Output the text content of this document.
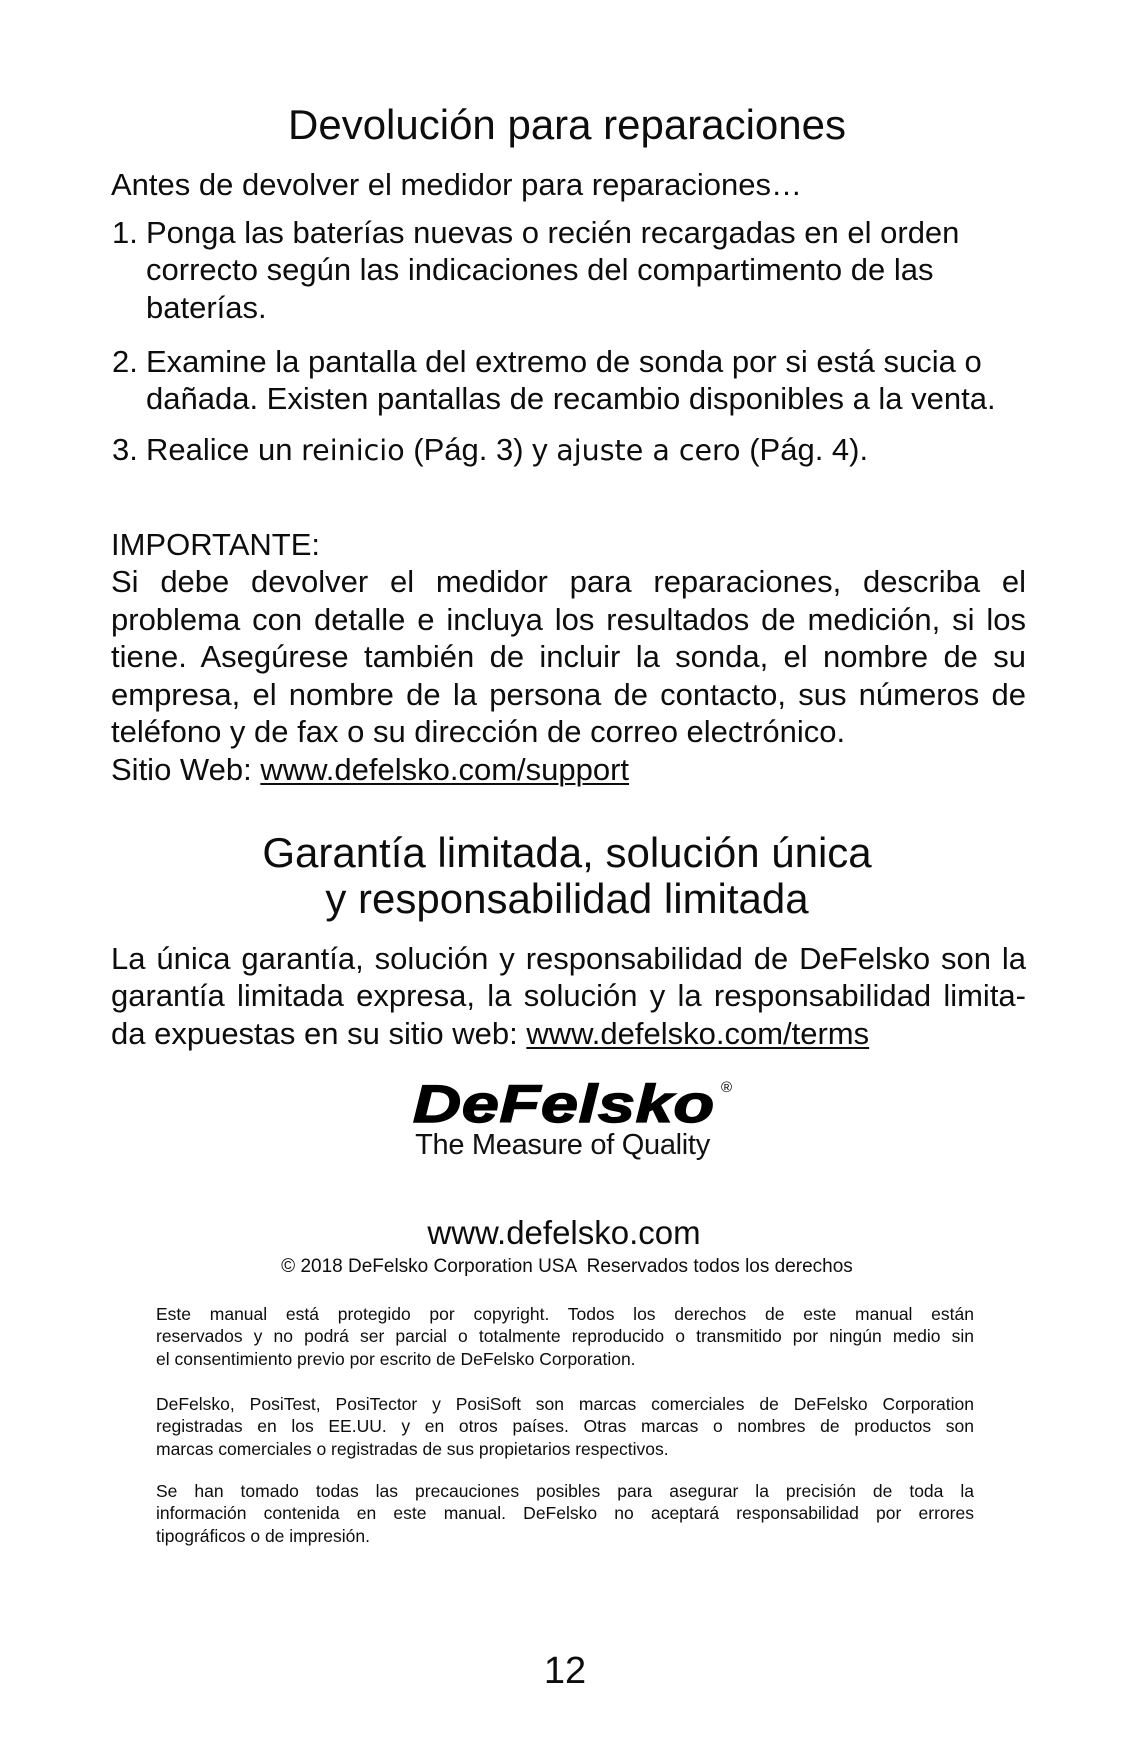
Devolución para reparaciones
Antes de devolver el medidor para reparaciones…
1. Ponga las baterías nuevas o recién recargadas en el orden
correcto según las indicaciones del compartimento de las
baterías.
2. Examine la pantalla del extremo de sonda por si está sucia o
dañada. Existen pantallas de recambio disponibles a la venta.
3. Realice un reinicio (Pág. 3) y ajuste a cero (Pág. 4).
IMPORTANTE:
Si debe devolver el medidor para reparaciones, describa el
problema con detalle e incluya los resultados de medición, si los
tiene. Asegúrese también de incluir la sonda, el nombre de su
empresa, el nombre de la persona de contacto, sus números de
teléfono y de fax o su dirección de correo electrónico.
Sitio Web: www.defelsko.com/support
Garantía limitada, solución única
y responsabilidad limitada
La única garantía, solución y responsabilidad de DeFelsko son la
garantía limitada expresa, la solución y la responsabilidad limita-
da expuestas en su sitio web: www.defelsko.com/terms
DeFelsko ®
The Measure of Quality
www.defelsko.com
© 2018 DeFelsko Corporation USA  Reservados todos los derechos
Este manual está protegido por copyright. Todos los derechos de este manual están
reservados y no podrá ser parcial o totalmente reproducido o transmitido por ningún medio sin
el consentimiento previo por escrito de DeFelsko Corporation.
DeFelsko, PosiTest, PosiTector y PosiSoft son marcas comerciales de DeFelsko Corporation
registradas en los EE.UU. y en otros países. Otras marcas o nombres de productos son
marcas comerciales o registradas de sus propietarios respectivos.
Se han tomado todas las precauciones posibles para asegurar la precisión de toda la
información contenida en este manual. DeFelsko no aceptará responsabilidad por errores
tipográficos o de impresión.
12
